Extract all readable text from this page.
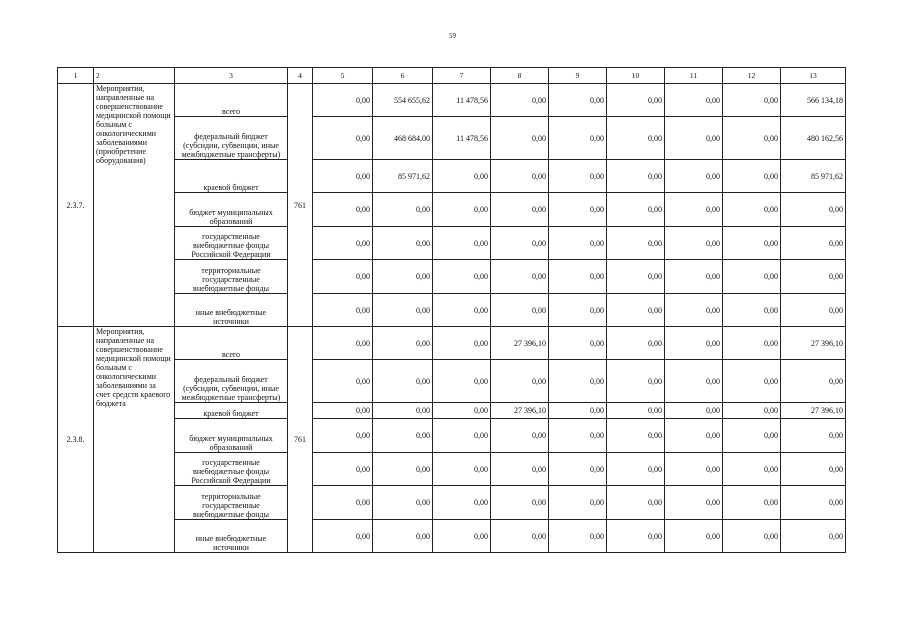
59
1	2	3	4	5	6	7	8	9	10	11	12	13
2.3.7.	Мероприятия, направленные на совершенствование медицинской помощи больным с онкологическими заболеваниями (приобретение оборудования)	всего	761	0,00	554 655,62	11 478,56	0,00	0,00	0,00	0,00	0,00	566 134,18
		федеральный бюджет (субсидии, субвенции, иные межбюджетные трансферты)		0,00	468 684,00	11 478,56	0,00	0,00	0,00	0,00	0,00	480 162,56
		краевой бюджет		0,00	85 971,62	0,00	0,00	0,00	0,00	0,00	0,00	85 971,62
		бюджет муниципальных образований		0,00	0,00	0,00	0,00	0,00	0,00	0,00	0,00	0,00
		государственные внебюджетные фонды Российской Федерации		0,00	0,00	0,00	0,00	0,00	0,00	0,00	0,00	0,00
		территориальные государственные внебюджетные фонды		0,00	0,00	0,00	0,00	0,00	0,00	0,00	0,00	0,00
		иные внебюджетные источники		0,00	0,00	0,00	0,00	0,00	0,00	0,00	0,00	0,00
2.3.8.	Мероприятия, направленные на совершенствование медицинской помощи больным с онкологическими заболеваниями за счет средств краевого бюджета	всего	761	0,00	0,00	0,00	27 396,10	0,00	0,00	0,00	0,00	27 396,10
		федеральный бюджет (субсидии, субвенции, иные межбюджетные трансферты)		0,00	0,00	0,00	0,00	0,00	0,00	0,00	0,00	0,00
		краевой бюджет		0,00	0,00	0,00	27 396,10	0,00	0,00	0,00	0,00	27 396,10
		бюджет муниципальных образований		0,00	0,00	0,00	0,00	0,00	0,00	0,00	0,00	0,00
		государственные внебюджетные фонды Российской Федерации		0,00	0,00	0,00	0,00	0,00	0,00	0,00	0,00	0,00
		территориальные государственные внебюджетные фонды		0,00	0,00	0,00	0,00	0,00	0,00	0,00	0,00	0,00
		иные внебюджетные источники		0,00	0,00	0,00	0,00	0,00	0,00	0,00	0,00	0,00
